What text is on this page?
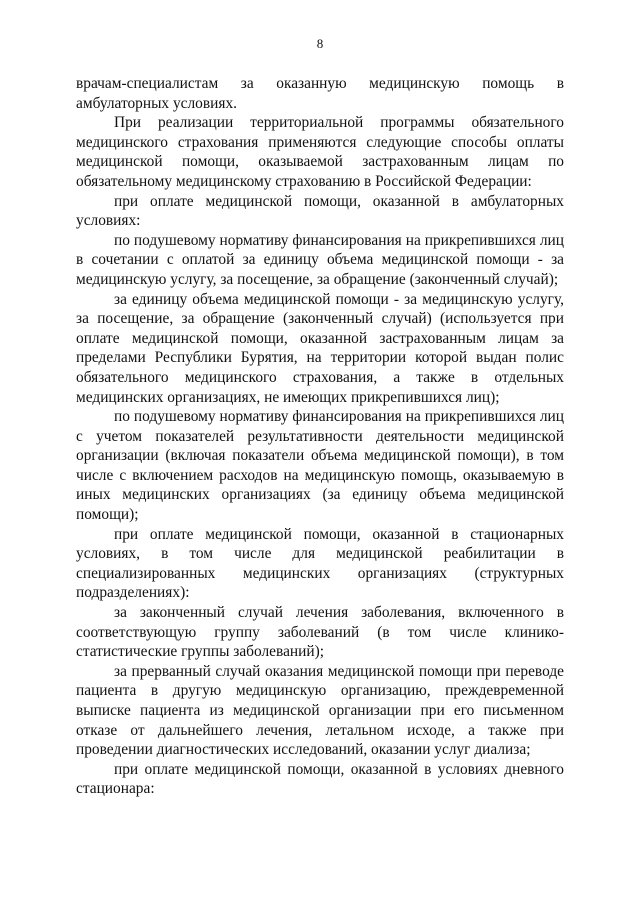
8

врачам-специалистам за оказанную медицинскую помощь в амбулаторных условиях.

При реализации территориальной программы обязательного медицинского страхования применяются следующие способы оплаты медицинской помощи, оказываемой застрахованным лицам по обязательному медицинскому страхованию в Российской Федерации:

при оплате медицинской помощи, оказанной в амбулаторных условиях:

по подушевому нормативу финансирования на прикрепившихся лиц в сочетании с оплатой за единицу объема медицинской помощи - за медицинскую услугу, за посещение, за обращение (законченный случай);

за единицу объема медицинской помощи - за медицинскую услугу, за посещение, за обращение (законченный случай) (используется при оплате медицинской помощи, оказанной застрахованным лицам за пределами Республики Бурятия, на территории которой выдан полис обязательного медицинского страхования, а также в отдельных медицинских организациях, не имеющих прикрепившихся лиц);

по подушевому нормативу финансирования на прикрепившихся лиц с учетом показателей результативности деятельности медицинской организации (включая показатели объема медицинской помощи), в том числе с включением расходов на медицинскую помощь, оказываемую в иных медицинских организациях (за единицу объема медицинской помощи);

при оплате медицинской помощи, оказанной в стационарных условиях, в том числе для медицинской реабилитации в специализированных медицинских организациях (структурных подразделениях):

за законченный случай лечения заболевания, включенного в соответствующую группу заболеваний (в том числе клинико-статистические группы заболеваний);

за прерванный случай оказания медицинской помощи при переводе пациента в другую медицинскую организацию, преждевременной выписке пациента из медицинской организации при его письменном отказе от дальнейшего лечения, летальном исходе, а также при проведении диагностических исследований, оказании услуг диализа;

при оплате медицинской помощи, оказанной в условиях дневного стационара:
